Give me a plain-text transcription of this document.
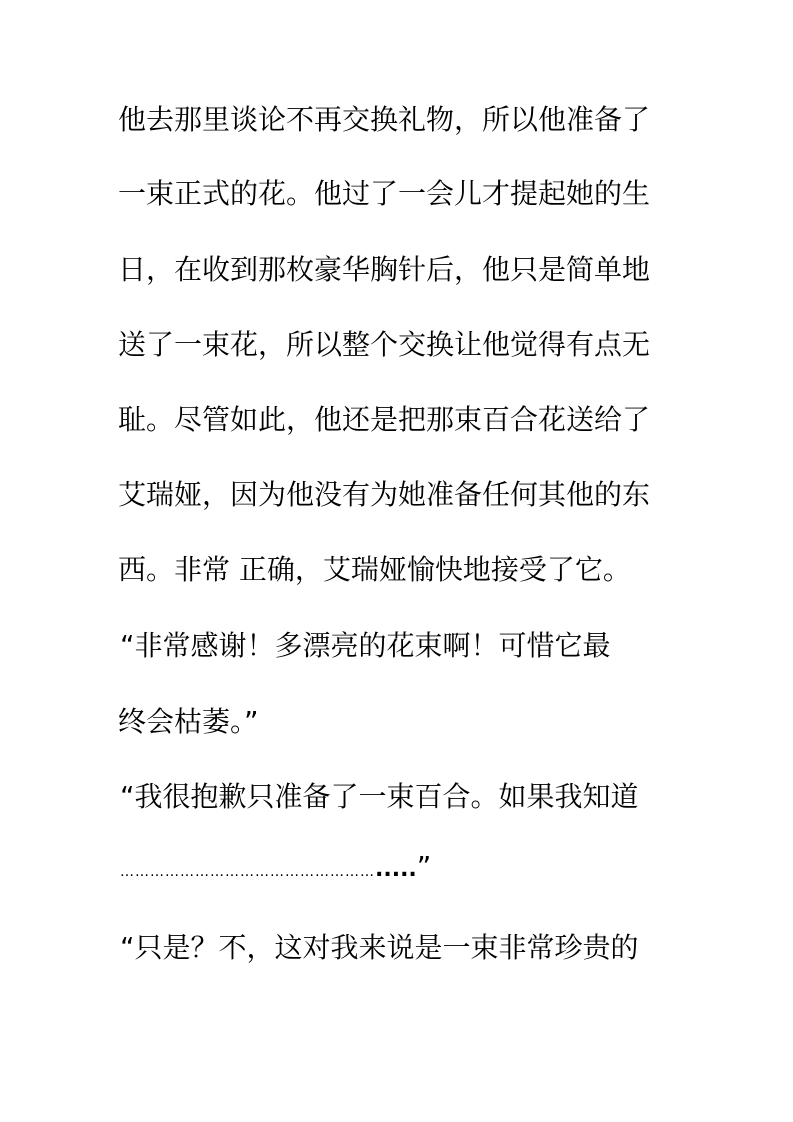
他去那里谈论不再交换礼物，所以他准备了
一束正式的花。他过了一会儿才提起她的生
日，在收到那枚豪华胸针后，他只是简单地
送了一束花，所以整个交换让他觉得有点无
耻。尽管如此，他还是把那束百合花送给了
艾瑞娅，因为他没有为她准备任何其他的东
西。非常 正确，艾瑞娅愉快地接受了它。
“非常感谢！多漂亮的花束啊！可惜它最
终会枯萎。”
“我很抱歉只准备了一束百合。如果我知道
…………………………………………….....”
“只是？不，这对我来说是一束非常珍贵的
